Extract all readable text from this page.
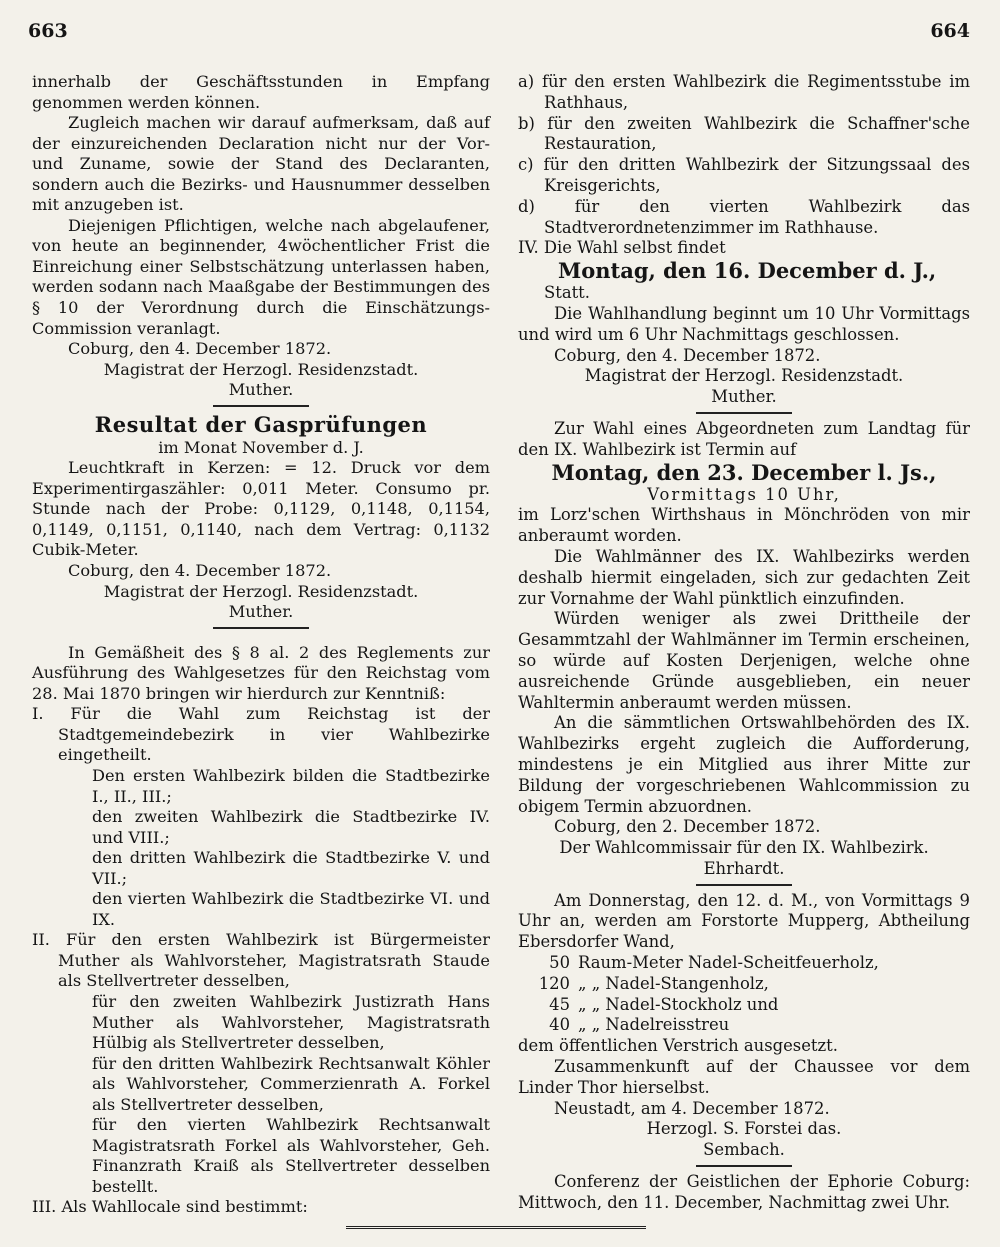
663	664

innerhalb der Geschäftsstunden in Empfang genommen werden können.

Zugleich machen wir darauf aufmerksam, daß auf der einzureichenden Declaration nicht nur der Vor- und Zuname, sowie der Stand des Declaranten, sondern auch die Bezirks- und Hausnummer desselben mit anzugeben ist.

Diejenigen Pflichtigen, welche nach abgelaufener, von heute an beginnender, 4wöchentlicher Frist die Einreichung einer Selbstschätzung unterlassen haben, werden sodann nach Maaßgabe der Bestimmungen des § 10 der Verordnung durch die Einschätzungs-Commission veranlagt.

Coburg, den 4. December 1872.

Magistrat der Herzogl. Residenzstadt.

Muther.

Resultat der Gasprüfungen

im Monat November d. J.

Leuchtkraft in Kerzen: = 12. Druck vor dem Experimentirgaszähler: 0,011 Meter. Consumo pr. Stunde nach der Probe: 0,1129, 0,1148, 0,1154, 0,1149, 0,1151, 0,1140, nach dem Vertrag: 0,1132 Cubik-Meter.

Coburg, den 4. December 1872.

Magistrat der Herzogl. Residenzstadt.

Muther.

In Gemäßheit des § 8 al. 2 des Reglements zur Ausführung des Wahlgesetzes für den Reichstag vom 28. Mai 1870 bringen wir hierdurch zur Kenntniß:

I. Für die Wahl zum Reichstag ist der Stadtgemeindebezirk in vier Wahlbezirke eingetheilt.

Den ersten Wahlbezirk bilden die Stadtbezirke I., II., III.;

den zweiten Wahlbezirk die Stadtbezirke IV. und VIII.;

den dritten Wahlbezirk die Stadtbezirke V. und VII.;

den vierten Wahlbezirk die Stadtbezirke VI. und IX.

II. Für den ersten Wahlbezirk ist Bürgermeister Muther als Wahlvorsteher, Magistratsrath Staude als Stellvertreter desselben,

für den zweiten Wahlbezirk Justizrath Hans Muther als Wahlvorsteher, Magistratsrath Hülbig als Stellvertreter desselben,

für den dritten Wahlbezirk Rechtsanwalt Köhler als Wahlvorsteher, Commerzienrath A. Forkel als Stellvertreter desselben,

für den vierten Wahlbezirk Rechtsanwalt Magistratsrath Forkel als Wahlvorsteher, Geh. Finanzrath Kraiß als Stellvertreter desselben bestellt.

III. Als Wahllocale sind bestimmt:

a) für den ersten Wahlbezirk die Regimentsstube im Rathhaus,

b) für den zweiten Wahlbezirk die Schaffner'sche Restauration,

c) für den dritten Wahlbezirk der Sitzungssaal des Kreisgerichts,

d) für den vierten Wahlbezirk das Stadtverordnetenzimmer im Rathhause.

IV. Die Wahl selbst findet

Montag, den 16. December d. J.,

Statt.

Die Wahlhandlung beginnt um 10 Uhr Vormittags und wird um 6 Uhr Nachmittags geschlossen.

Coburg, den 4. December 1872.

Magistrat der Herzogl. Residenzstadt.

Muther.

Zur Wahl eines Abgeordneten zum Landtag für den IX. Wahlbezirk ist Termin auf

Montag, den 23. December l. Js.,

Vormittags 10 Uhr,

im Lorz'schen Wirthshaus in Mönchröden von mir anberaumt worden.

Die Wahlmänner des IX. Wahlbezirks werden deshalb hiermit eingeladen, sich zur gedachten Zeit zur Vornahme der Wahl pünktlich einzufinden.

Würden weniger als zwei Drittheile der Gesammtzahl der Wahlmänner im Termin erscheinen, so würde auf Kosten Derjenigen, welche ohne ausreichende Gründe ausgeblieben, ein neuer Wahltermin anberaumt werden müssen.

An die sämmtlichen Ortswahlbehörden des IX. Wahlbezirks ergeht zugleich die Aufforderung, mindestens je ein Mitglied aus ihrer Mitte zur Bildung der vorgeschriebenen Wahlcommission zu obigem Termin abzuordnen.

Coburg, den 2. December 1872.

Der Wahlcommissair für den IX. Wahlbezirk.

Ehrhardt.

Am Donnerstag, den 12. d. M., von Vormittags 9 Uhr an, werden am Forstorte Mupperg, Abtheilung Ebersdorfer Wand,

50 Raum-Meter Nadel-Scheitfeuerholz,
120 „ „ Nadel-Stangenholz,
45 „ „ Nadel-Stockholz und
40 „ „ Nadelreisstreu

dem öffentlichen Verstrich ausgesetzt.

Zusammenkunft auf der Chaussee vor dem Linder Thor hierselbst.

Neustadt, am 4. December 1872.

Herzogl. S. Forstei das.

Sembach.

Conferenz der Geistlichen der Ephorie Coburg: Mittwoch, den 11. December, Nachmittag zwei Uhr.
